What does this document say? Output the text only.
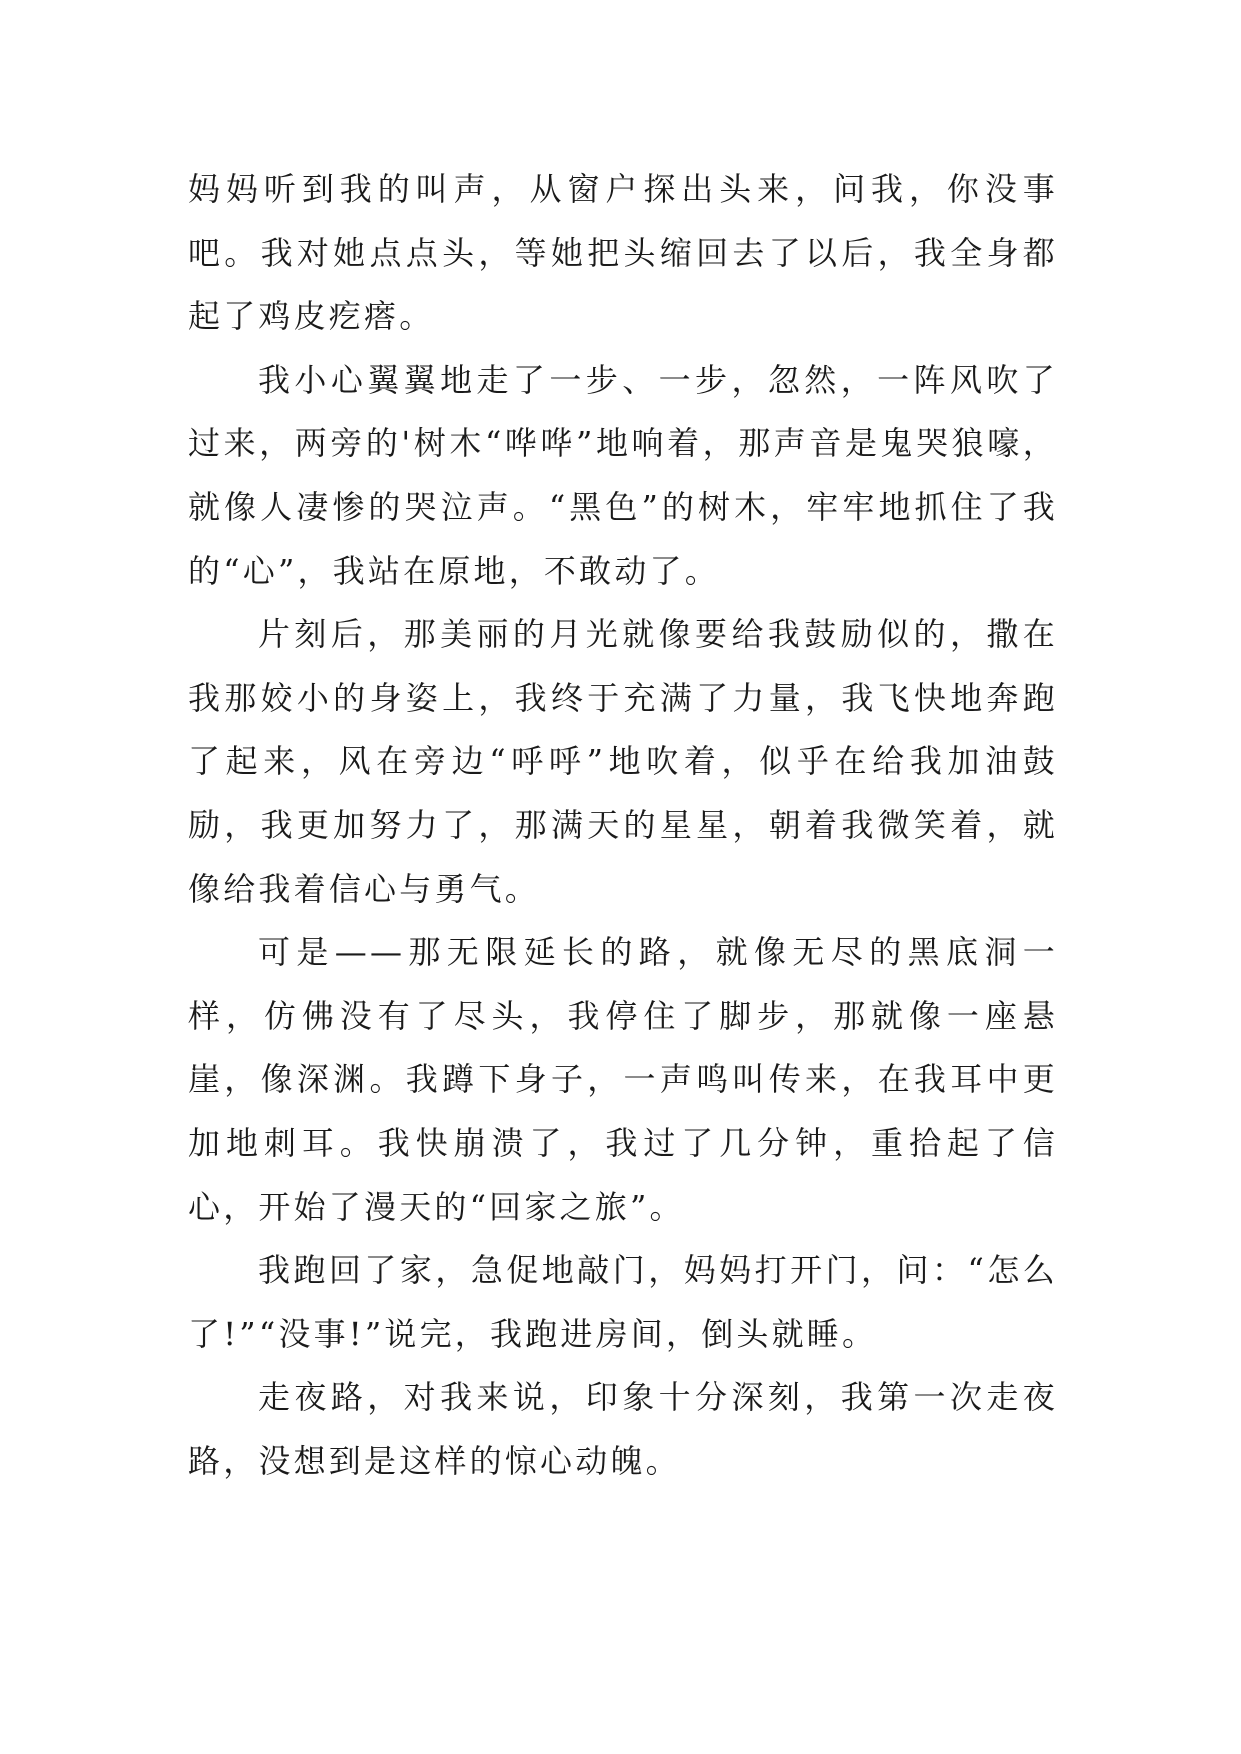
妈妈听到我的叫声，从窗户探出头来，问我，你没事吧。我对她点点头，等她把头缩回去了以后，我全身都起了鸡皮疙瘩。

我小心翼翼地走了一步、一步，忽然，一阵风吹了过来，两旁的'树木“哗哗”地响着，那声音是鬼哭狼嚎，就像人凄惨的哭泣声。“黑色”的树木，牢牢地抓住了我的“心”，我站在原地，不敢动了。

片刻后，那美丽的月光就像要给我鼓励似的，撒在我那姣小的身姿上，我终于充满了力量，我飞快地奔跑了起来，风在旁边“呼呼”地吹着，似乎在给我加油鼓励，我更加努力了，那满天的星星，朝着我微笑着，就像给我着信心与勇气。

可是——那无限延长的路，就像无尽的黑底洞一样，仿佛没有了尽头，我停住了脚步，那就像一座悬崖，像深渊。我蹲下身子，一声鸣叫传来，在我耳中更加地刺耳。我快崩溃了，我过了几分钟，重拾起了信心，开始了漫天的“回家之旅”。

我跑回了家，急促地敲门，妈妈打开门，问：“怎么了!”“没事!”说完，我跑进房间，倒头就睡。

走夜路，对我来说，印象十分深刻，我第一次走夜路，没想到是这样的惊心动魄。
